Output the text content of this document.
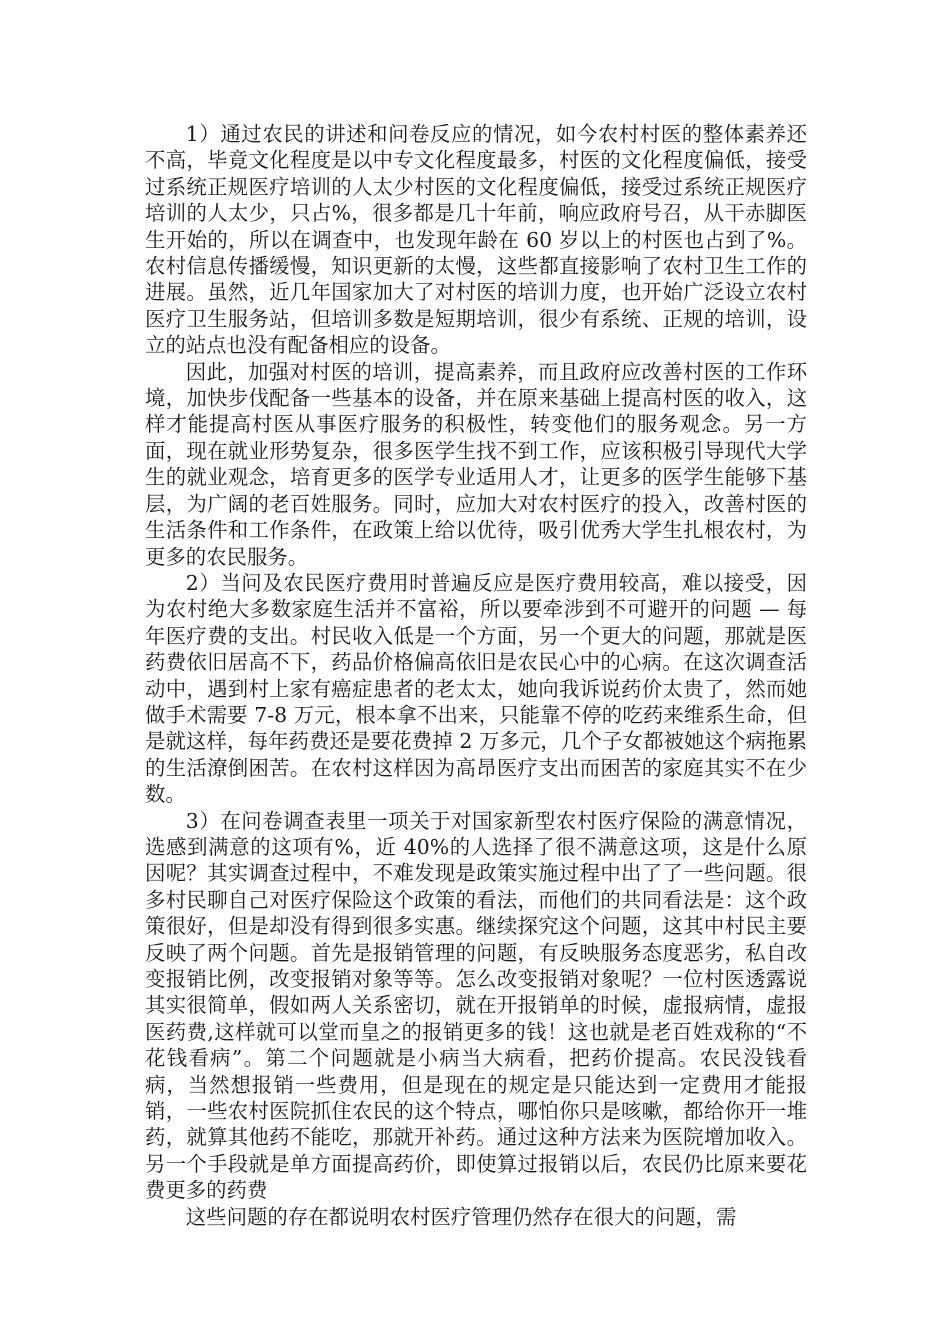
1）通过农民的讲述和问卷反应的情况，如今农村村医的整体素养还不高，毕竟文化程度是以中专文化程度最多，村医的文化程度偏低，接受过系统正规医疗培训的人太少村医的文化程度偏低，接受过系统正规医疗培训的人太少，只占%，很多都是几十年前，响应政府号召，从干赤脚医生开始的，所以在调查中，也发现年龄在 60 岁以上的村医也占到了%。农村信息传播缓慢，知识更新的太慢，这些都直接影响了农村卫生工作的进展。虽然，近几年国家加大了对村医的培训力度，也开始广泛设立农村医疗卫生服务站，但培训多数是短期培训，很少有系统、正规的培训，设立的站点也没有配备相应的设备。

因此，加强对村医的培训，提高素养，而且政府应改善村医的工作环境，加快步伐配备一些基本的设备，并在原来基础上提高村医的收入，这样才能提高村医从事医疗服务的积极性，转变他们的服务观念。另一方面，现在就业形势复杂，很多医学生找不到工作，应该积极引导现代大学生的就业观念，培育更多的医学专业适用人才，让更多的医学生能够下基层，为广阔的老百姓服务。同时，应加大对农村医疗的投入，改善村医的生活条件和工作条件，在政策上给以优待，吸引优秀大学生扎根农村，为更多的农民服务。

2）当问及农民医疗费用时普遍反应是医疗费用较高，难以接受，因为农村绝大多数家庭生活并不富裕，所以要牵涉到不可避开的问题 — 每年医疗费的支出。村民收入低是一个方面，另一个更大的问题，那就是医药费依旧居高不下，药品价格偏高依旧是农民心中的心病。在这次调查活动中，遇到村上家有癌症患者的老太太，她向我诉说药价太贵了，然而她做手术需要 7-8 万元，根本拿不出来，只能靠不停的吃药来维系生命，但是就这样，每年药费还是要花费掉 2 万多元，几个子女都被她这个病拖累的生活潦倒困苦。在农村这样因为高昂医疗支出而困苦的家庭其实不在少数。

3）在问卷调查表里一项关于对国家新型农村医疗保险的满意情况，选感到满意的这项有%，近 40%的人选择了很不满意这项，这是什么原因呢？其实调查过程中，不难发现是政策实施过程中出了了一些问题。很多村民聊自己对医疗保险这个政策的看法，而他们的共同看法是：这个政策很好，但是却没有得到很多实惠。继续探究这个问题，这其中村民主要反映了两个问题。首先是报销管理的问题，有反映服务态度恶劣，私自改变报销比例，改变报销对象等等。怎么改变报销对象呢？一位村医透露说其实很简单，假如两人关系密切，就在开报销单的时候，虚报病情，虚报医药费,这样就可以堂而皇之的报销更多的钱！这也就是老百姓戏称的“不花钱看病”。第二个问题就是小病当大病看，把药价提高。农民没钱看病，当然想报销一些费用，但是现在的规定是只能达到一定费用才能报销，一些农村医院抓住农民的这个特点，哪怕你只是咳嗽，都给你开一堆药，就算其他药不能吃，那就开补药。通过这种方法来为医院增加收入。另一个手段就是单方面提高药价，即使算过报销以后，农民仍比原来要花费更多的药费

这些问题的存在都说明农村医疗管理仍然存在很大的问题，需
